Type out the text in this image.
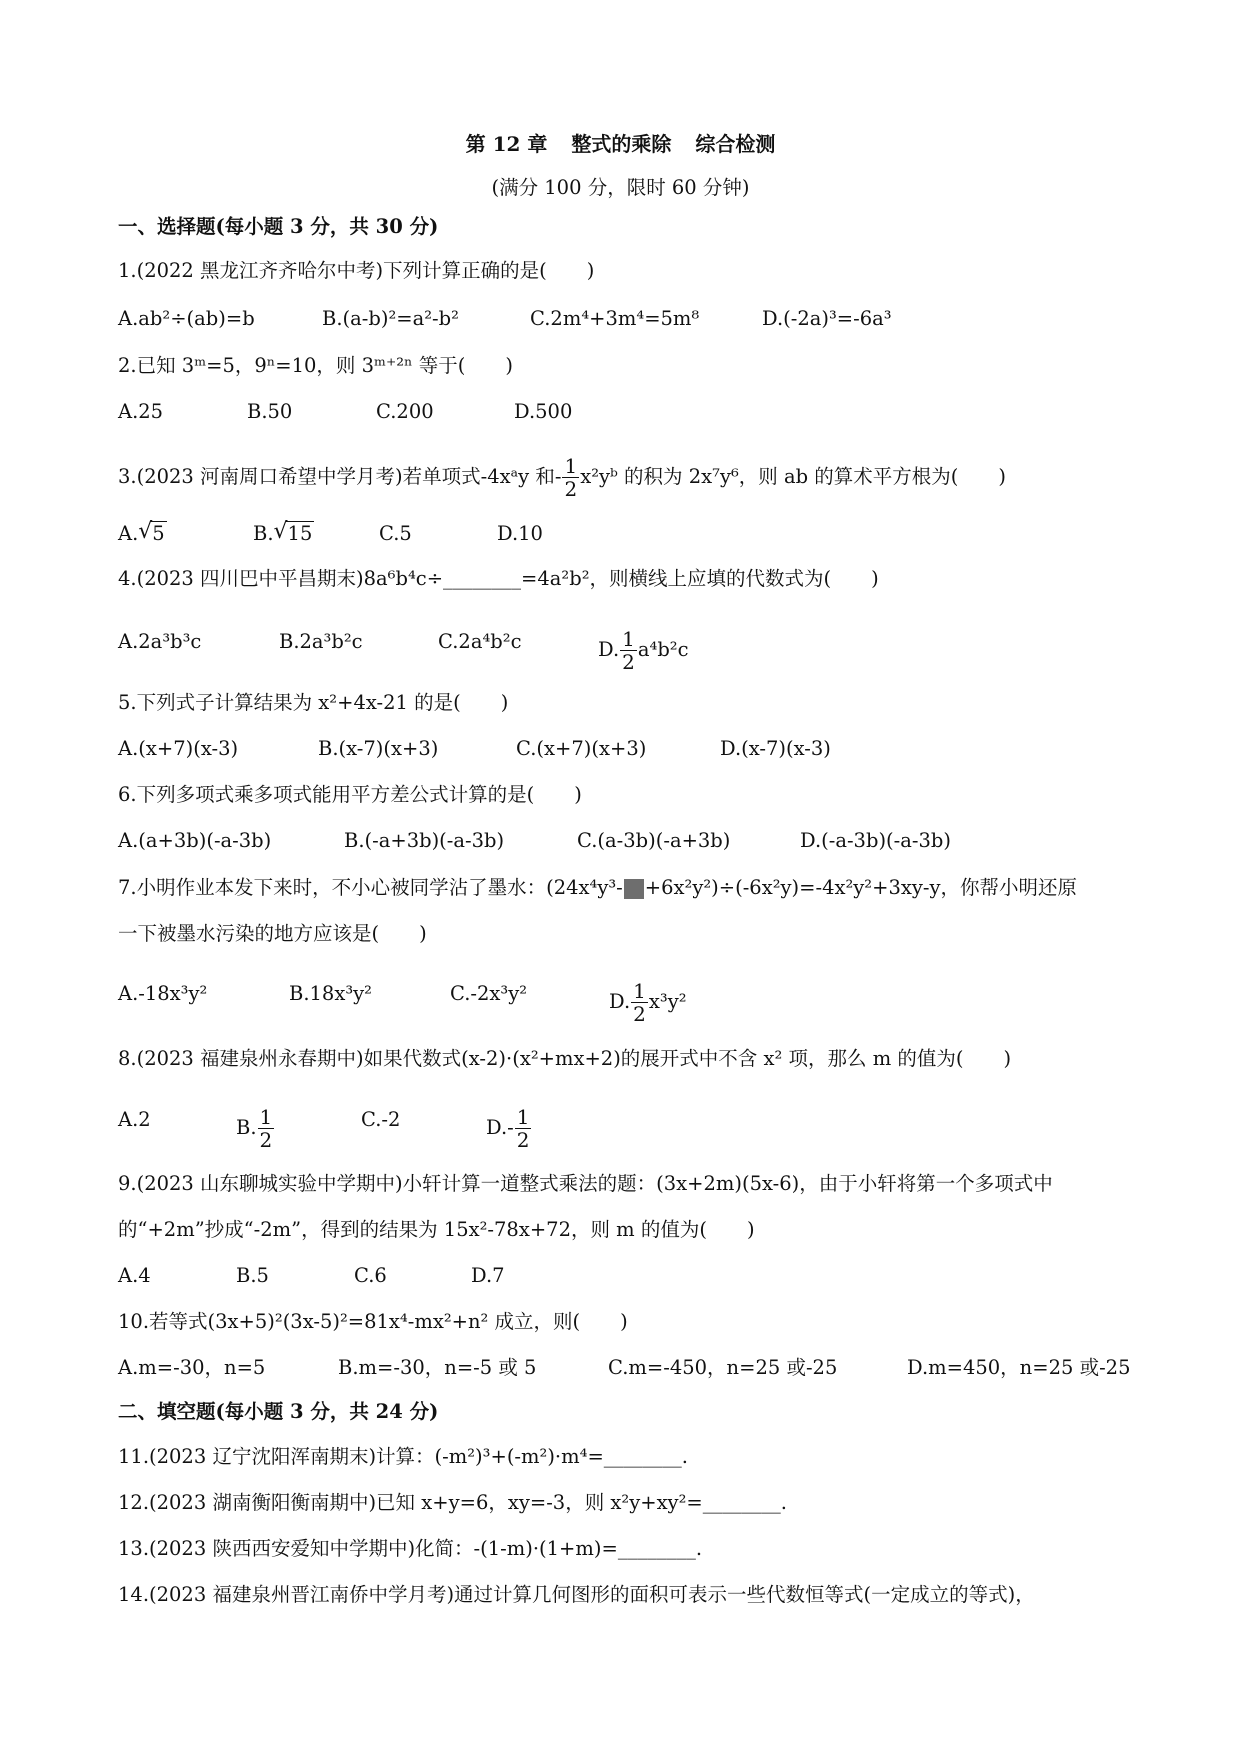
第 12 章 整式的乘除 综合检测
(满分 100 分，限时 60 分钟)
一、选择题(每小题 3 分，共 30 分)
1.(2022 黑龙江齐齐哈尔中考)下列计算正确的是( )
A.ab²÷(ab)=b	B.(a-b)²=a²-b²	C.2m⁴+3m⁴=5m⁸	D.(-2a)³=-6a³
2.已知 3ᵐ=5，9ⁿ=10，则 3ᵐ⁺²ⁿ 等于( )
A.25	B.50	C.200	D.500
3.(2023 河南周口希望中学月考)若单项式-4xᵃy 和- $\frac{1}{2}$ x²yᵇ 的积为 2x⁷y⁶，则 ab 的算术平方根为( )
A. √ 5	B. √ 15	C.5	D.10
4.(2023 四川巴中平昌期末)8a⁶b⁴c÷________=4a²b²，则横线上应填的代数式为( )
A.2a³b³c	B.2a³b²c	C.2a⁴b²c	D. $\frac{1}{2} a^4b^2c$
5.下列式子计算结果为 x²+4x-21 的是( )
A.(x+7)(x-3)	B.(x-7)(x+3)	C.(x+7)(x+3)	D.(x-7)(x-3)
6.下列多项式乘多项式能用平方差公式计算的是( )
A.(a+3b)(-a-3b)	B.(-a+3b)(-a-3b)	C.(a-3b)(-a+3b)	D.(-a-3b)(-a-3b)
7.小明作业本发下来时，不小心被同学沾了墨水：(24x⁴y³- +6x²y²)÷(-6x²y)=-4x²y²+3xy-y，你帮小明还原
一下被墨水污染的地方应该是( )
A.-18x³y²	B.18x³y²	C.-2x³y²	D. $\frac{1}{2} x^3y^2$
8.(2023 福建泉州永春期中)如果代数式(x-2)·(x²+mx+2)的展开式中不含 x² 项，那么 m 的值为( )
A.2	B. $\frac{1}{2}$	C.-2	$D.- \frac{1}{2}$
9.(2023 山东聊城实验中学期中)小轩计算一道整式乘法的题：(3x+2m)(5x-6)，由于小轩将第一个多项式中
的“+2m”抄成“-2m”，得到的结果为 15x²-78x+72，则 m 的值为( )
A.4	B.5	C.6	D.7
10.若等式(3x+5)²(3x-5)²=81x⁴-mx²+n² 成立，则( )
A.m=-30，n=5	B.m=-30，n=-5 或 5	C.m=-450，n=25 或-25	D.m=450，n=25 或-25
二、填空题(每小题 3 分，共 24 分)
11.(2023 辽宁沈阳浑南期末)计算：(-m²)³+(-m²)·m⁴=________.
12.(2023 湖南衡阳衡南期中)已知 x+y=6，xy=-3，则 x²y+xy²=________.
13.(2023 陕西西安爱知中学期中)化简：-(1-m)·(1+m)=________.
14.(2023 福建泉州晋江南侨中学月考)通过计算几何图形的面积可表示一些代数恒等式(一定成立的等式)，
